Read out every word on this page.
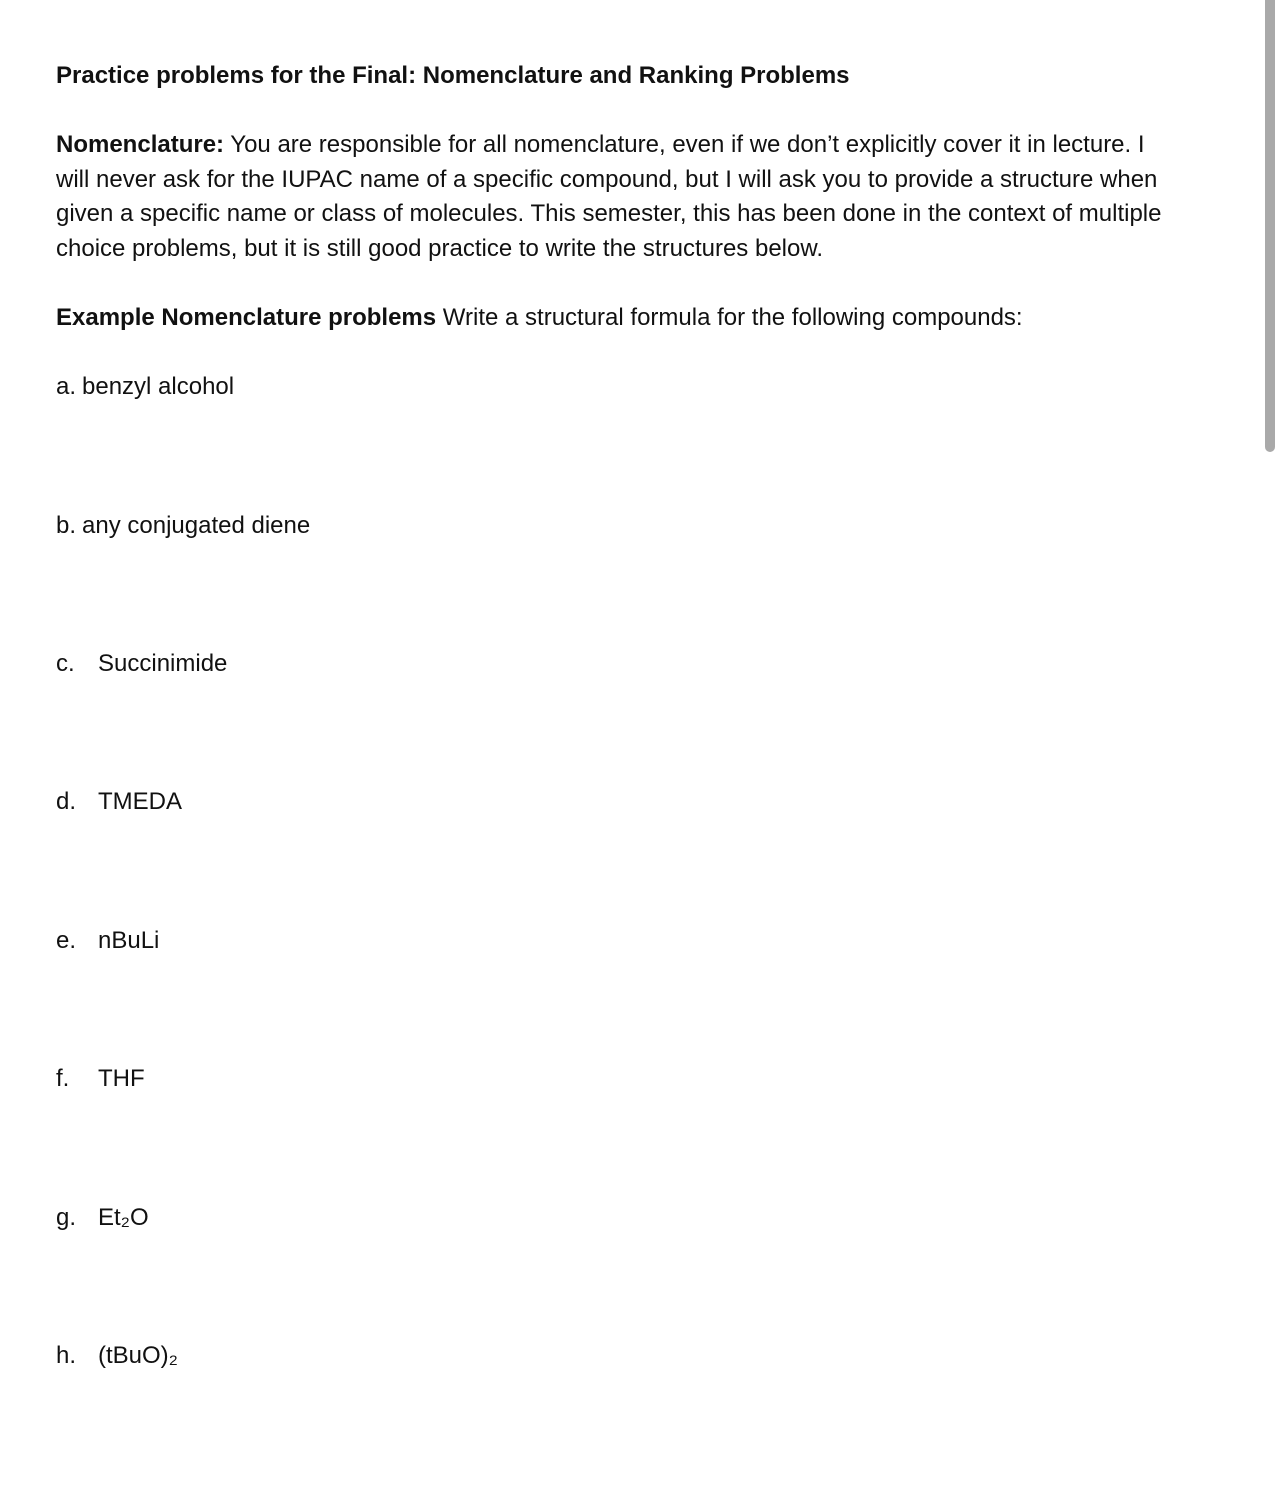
Practice problems for the Final: Nomenclature and Ranking Problems
Nomenclature: You are responsible for all nomenclature, even if we don’t explicitly cover it in lecture. I
will never ask for the IUPAC name of a specific compound, but I will ask you to provide a structure when
given a specific name or class of molecules. This semester, this has been done in the context of multiple
choice problems, but it is still good practice to write the structures below.
Example Nomenclature problems Write a structural formula for the following compounds:
a. benzyl alcohol
b. any conjugated diene
c. Succinimide
d. TMEDA
e. nBuLi
f. THF
g. Et₂O
h. (tBuO)₂
